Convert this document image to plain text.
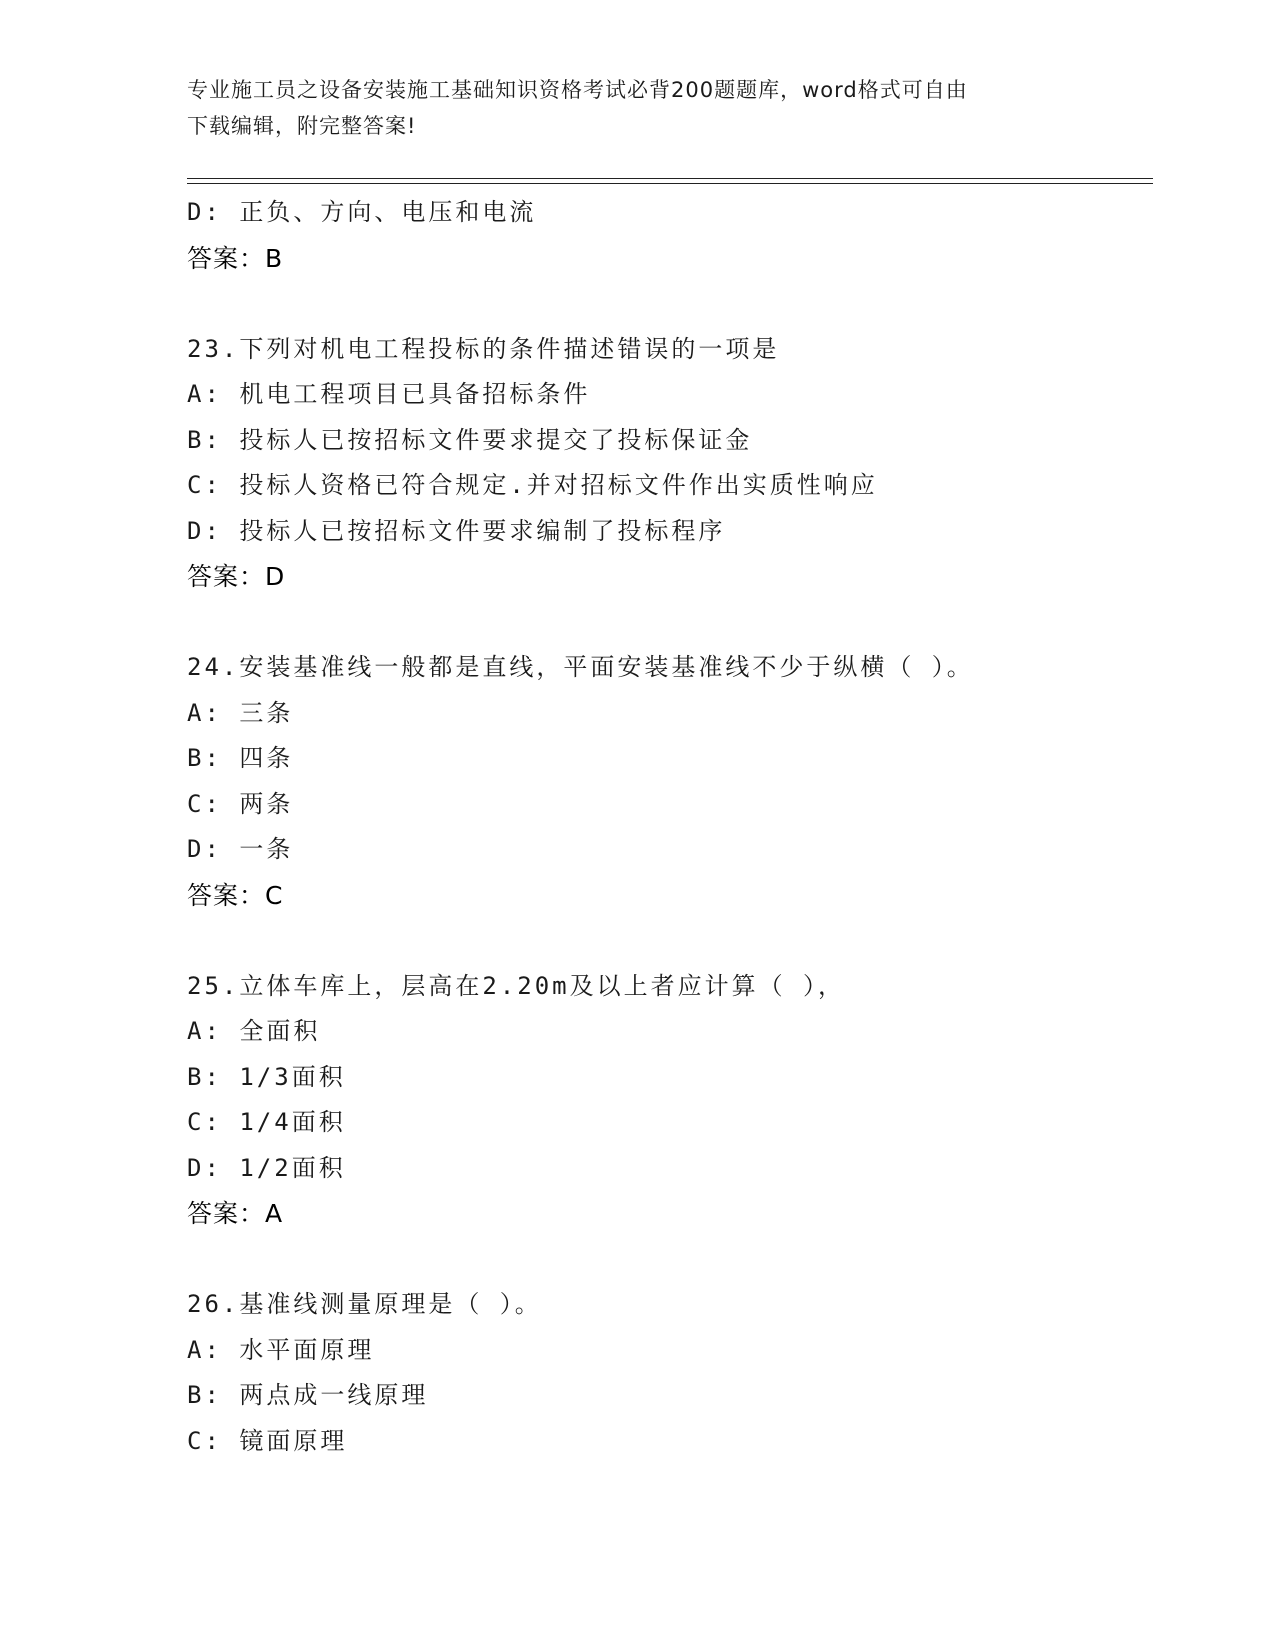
专业施工员之设备安装施工基础知识资格考试必背200题题库，word格式可自由
下载编辑，附完整答案!
D: 正负、方向、电压和电流
答案：B
23.下列对机电工程投标的条件描述错误的一项是
A: 机电工程项目已具备招标条件
B: 投标人已按招标文件要求提交了投标保证金
C: 投标人资格已符合规定.并对招标文件作出实质性响应
D: 投标人已按招标文件要求编制了投标程序
答案：D
24.安装基准线一般都是直线，平面安装基准线不少于纵横（ ）。
A: 三条
B: 四条
C: 两条
D: 一条
答案：C
25.立体车库上，层高在2.20m及以上者应计算（ ），
A: 全面积
B: 1/3面积
C: 1/4面积
D: 1/2面积
答案：A
26.基准线测量原理是（ ）。
A: 水平面原理
B: 两点成一线原理
C: 镜面原理
